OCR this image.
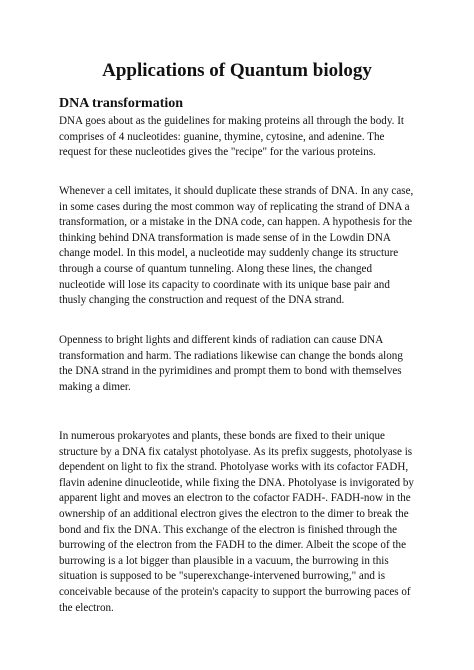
Applications of Quantum biology
DNA transformation

DNA goes about as the guidelines for making proteins all through the body. It comprises of 4 nucleotides: guanine, thymine, cytosine, and adenine. The request for these nucleotides gives the "recipe" for the various proteins.

Whenever a cell imitates, it should duplicate these strands of DNA. In any case, in some cases during the most common way of replicating the strand of DNA a transformation, or a mistake in the DNA code, can happen. A hypothesis for the thinking behind DNA transformation is made sense of in the Lowdin DNA change model. In this model, a nucleotide may suddenly change its structure through a course of quantum tunneling. Along these lines, the changed nucleotide will lose its capacity to coordinate with its unique base pair and thusly changing the construction and request of the DNA strand.

Openness to bright lights and different kinds of radiation can cause DNA transformation and harm. The radiations likewise can change the bonds along the DNA strand in the pyrimidines and prompt them to bond with themselves making a dimer.

In numerous prokaryotes and plants, these bonds are fixed to their unique structure by a DNA fix catalyst photolyase. As its prefix suggests, photolyase is dependent on light to fix the strand. Photolyase works with its cofactor FADH, flavin adenine dinucleotide, while fixing the DNA. Photolyase is invigorated by apparent light and moves an electron to the cofactor FADH-. FADH-now in the ownership of an additional electron gives the electron to the dimer to break the bond and fix the DNA. This exchange of the electron is finished through the burrowing of the electron from the FADH to the dimer. Albeit the scope of the burrowing is a lot bigger than plausible in a vacuum, the burrowing in this situation is supposed to be "superexchange-intervened burrowing," and is conceivable because of the protein's capacity to support the burrowing paces of the electron.
